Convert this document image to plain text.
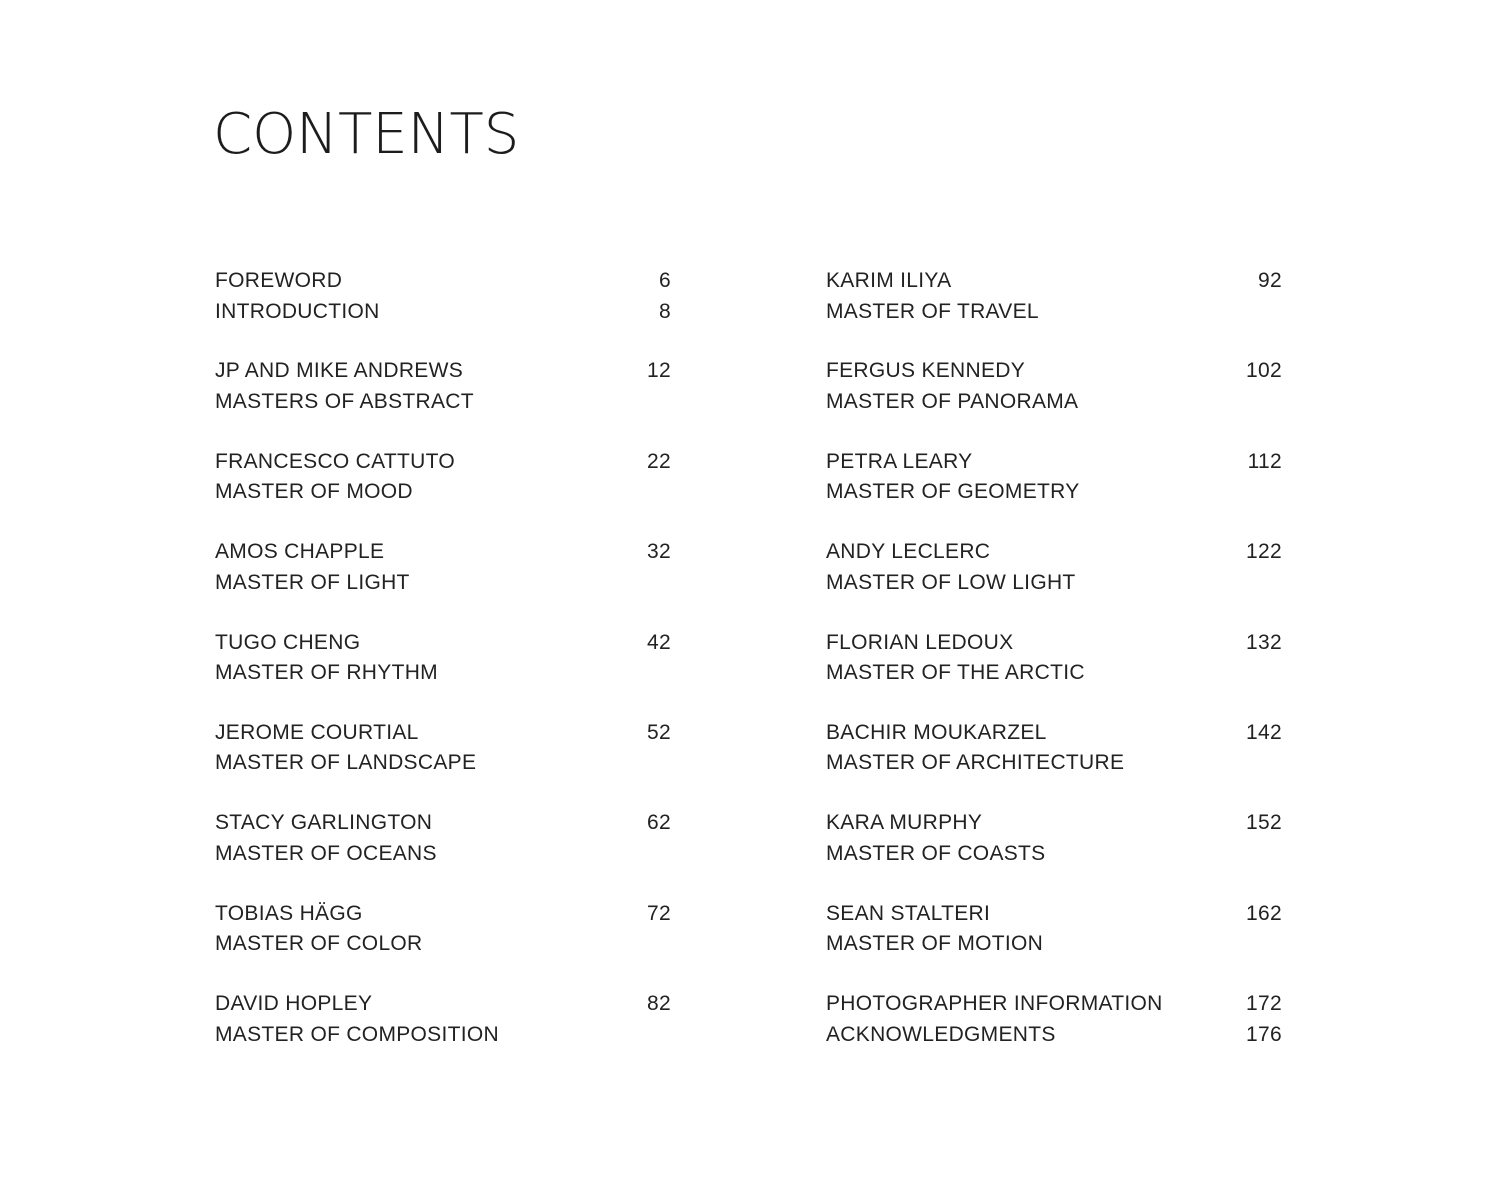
CONTENTS
FOREWORD	6
INTRODUCTION	8
JP AND MIKE ANDREWS	12
MASTERS OF ABSTRACT
FRANCESCO CATTUTO	22
MASTER OF MOOD
AMOS CHAPPLE	32
MASTER OF LIGHT
TUGO CHENG	42
MASTER OF RHYTHM
JEROME COURTIAL	52
MASTER OF LANDSCAPE
STACY GARLINGTON	62
MASTER OF OCEANS
TOBIAS HÄGG	72
MASTER OF COLOR
DAVID HOPLEY	82
MASTER OF COMPOSITION
KARIM ILIYA	92
MASTER OF TRAVEL
FERGUS KENNEDY	102
MASTER OF PANORAMA
PETRA LEARY	112
MASTER OF GEOMETRY
ANDY LECLERC	122
MASTER OF LOW LIGHT
FLORIAN LEDOUX	132
MASTER OF THE ARCTIC
BACHIR MOUKARZEL	142
MASTER OF ARCHITECTURE
KARA MURPHY	152
MASTER OF COASTS
SEAN STALTERI	162
MASTER OF MOTION
PHOTOGRAPHER INFORMATION	172
ACKNOWLEDGMENTS	176
